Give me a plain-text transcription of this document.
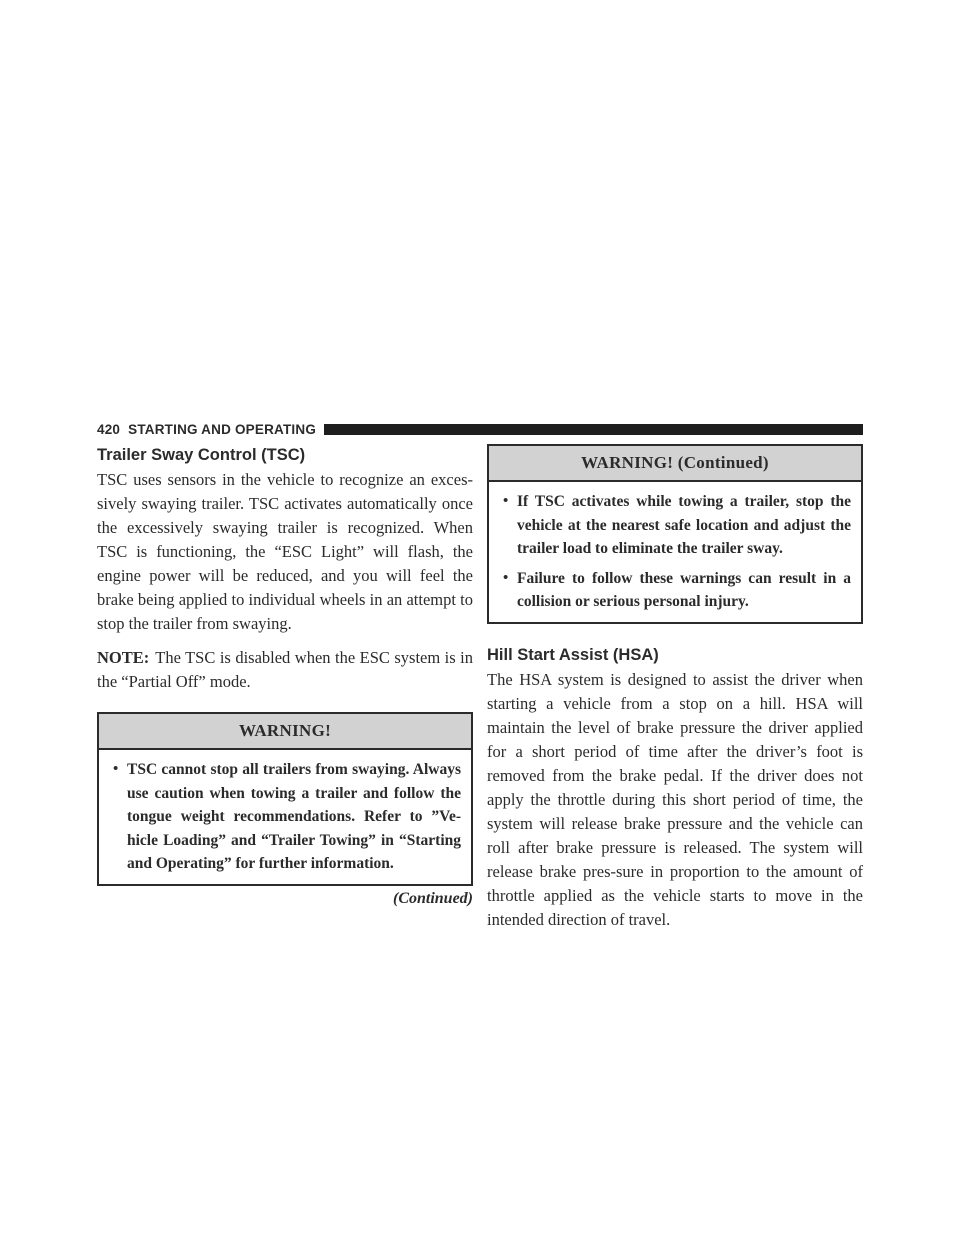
420 STARTING AND OPERATING
Trailer Sway Control (TSC)

TSC uses sensors in the vehicle to recognize an exces-sively swaying trailer. TSC activates automatically once the excessively swaying trailer is recognized. When TSC is functioning, the “ESC Light” will flash, the engine power will be reduced, and you will feel the brake being applied to individual wheels in an attempt to stop the trailer from swaying.

NOTE: The TSC is disabled when the ESC system is in the “Partial Off” mode.

WARNING!
• TSC cannot stop all trailers from swaying. Always use caution when towing a trailer and follow the tongue weight recommendations. Refer to ”Ve-hicle Loading” and “Trailer Towing” in “Starting and Operating” for further information.
(Continued)
WARNING! (Continued)
• If TSC activates while towing a trailer, stop the vehicle at the nearest safe location and adjust the trailer load to eliminate the trailer sway.
• Failure to follow these warnings can result in a collision or serious personal injury.
Hill Start Assist (HSA)

The HSA system is designed to assist the driver when starting a vehicle from a stop on a hill. HSA will maintain the level of brake pressure the driver applied for a short period of time after the driver’s foot is removed from the brake pedal. If the driver does not apply the throttle during this short period of time, the system will release brake pressure and the vehicle can roll after brake pressure is released. The system will release brake pres-sure in proportion to the amount of throttle applied as the vehicle starts to move in the intended direction of travel.
